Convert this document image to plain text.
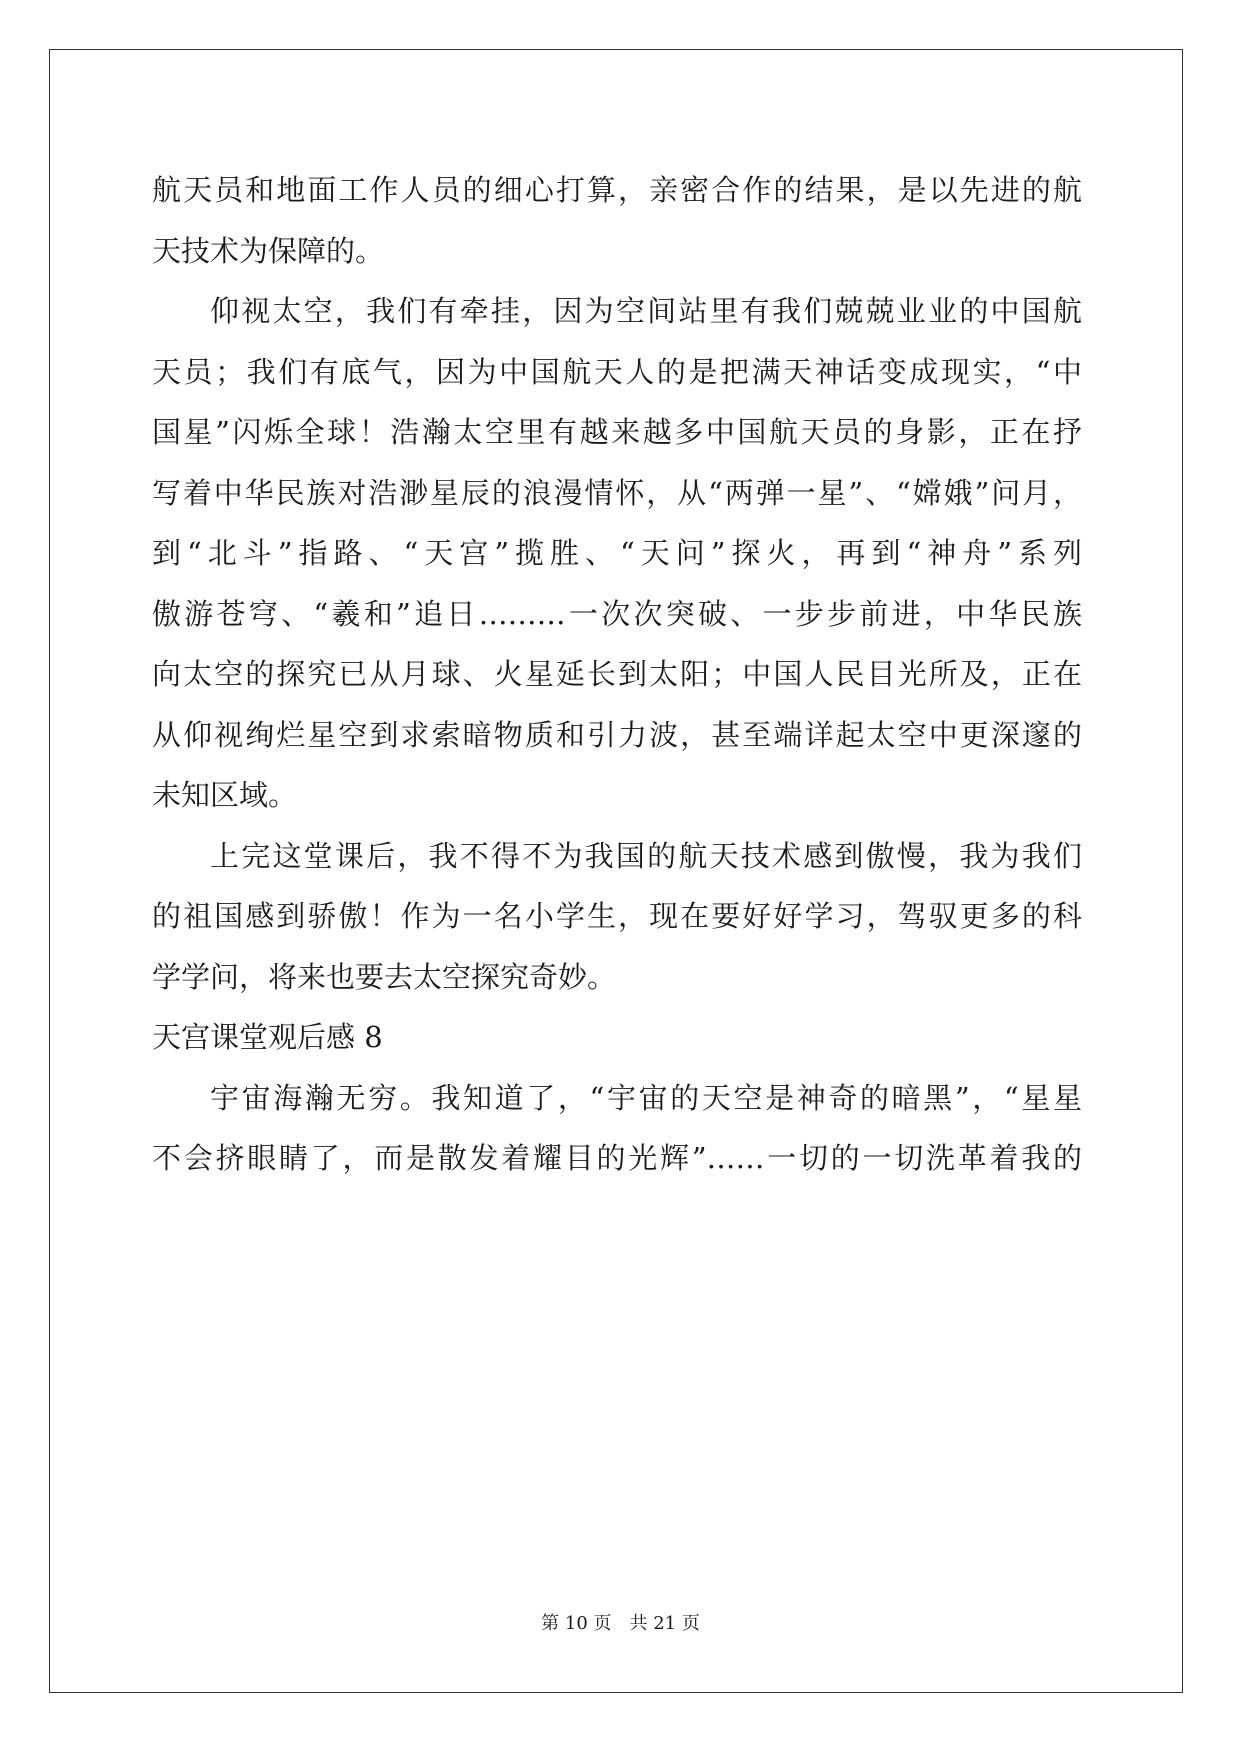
航天员和地面工作人员的细心打算，亲密合作的结果，是以先进的航
天技术为保障的。
仰视太空，我们有牵挂，因为空间站里有我们兢兢业业的中国航
天员；我们有底气，因为中国航天人的是把满天神话变成现实，“中
国星”闪烁全球！浩瀚太空里有越来越多中国航天员的身影，正在抒
写着中华民族对浩渺星辰的浪漫情怀，从“两弹一星”、“嫦娥”问月，
到“北斗”指路、“天宫”揽胜、“天问”探火，再到“神舟”系列
傲游苍穹、“羲和”追日………一次次突破、一步步前进，中华民族
向太空的探究已从月球、火星延长到太阳；中国人民目光所及，正在
从仰视绚烂星空到求索暗物质和引力波，甚至端详起太空中更深邃的
未知区域。
上完这堂课后，我不得不为我国的航天技术感到傲慢，我为我们
的祖国感到骄傲！作为一名小学生，现在要好好学习，驾驭更多的科
学学问，将来也要去太空探究奇妙。
天宫课堂观后感 8
宇宙海瀚无穷。我知道了，“宇宙的天空是神奇的暗黑”，“星星
不会挤眼睛了，而是散发着耀目的光辉”……一切的一切洗革着我的
第 10 页 共 21 页
